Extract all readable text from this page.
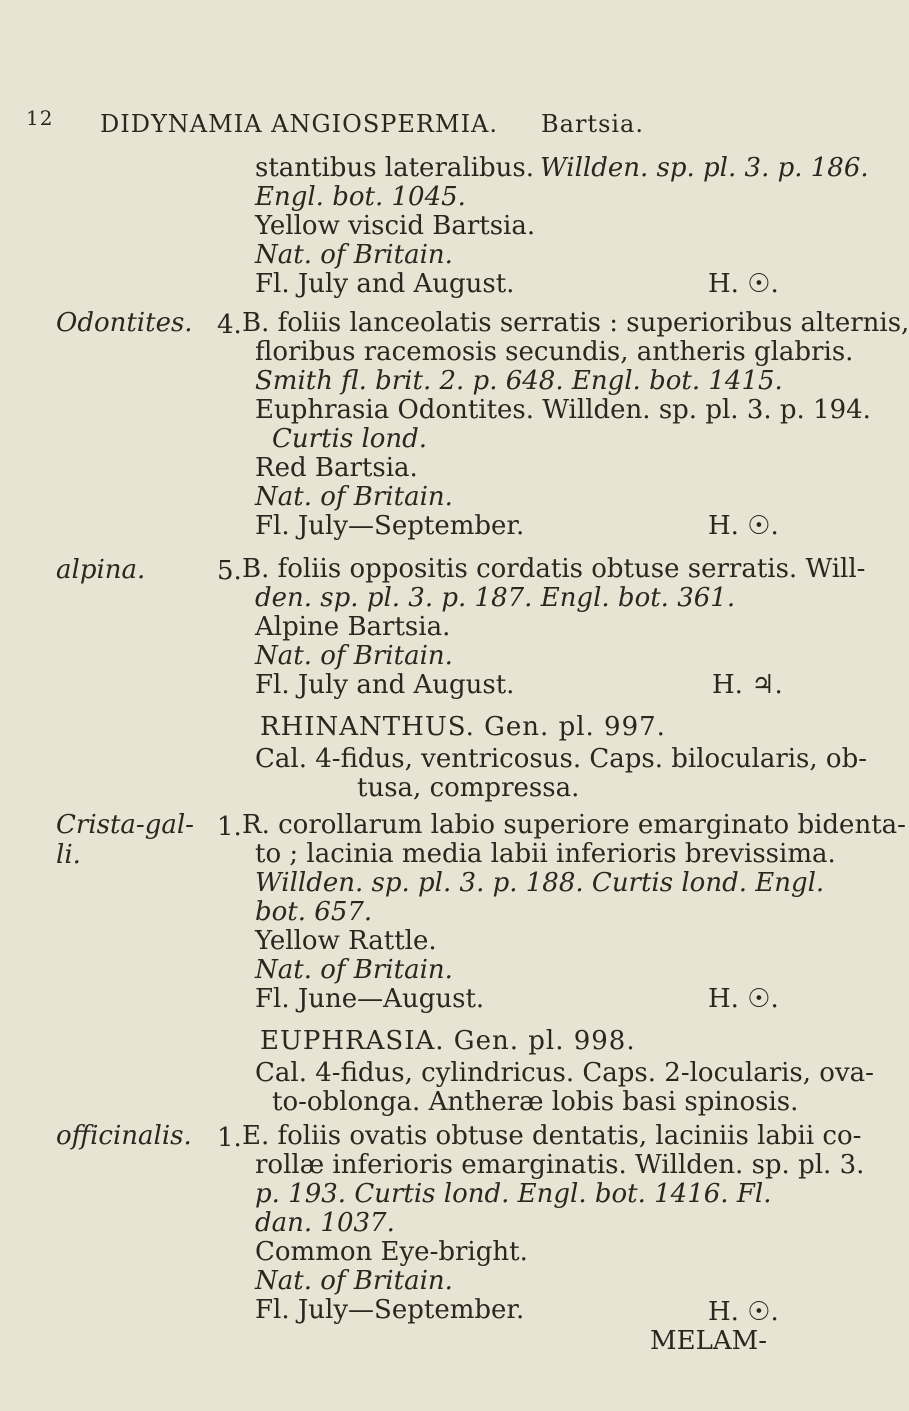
12 DIDYNAMIA ANGIOSPERMIA. Bartsia.
stantibus lateralibus. Willden. sp. pl. 3. p. 186.
Engl. bot. 1045.
Yellow viscid Bartsia.
Nat. of Britain.
Fl. July and August.	H. ☉.
Odontites. 4. B. foliis lanceolatis serratis : superioribus alternis,
floribus racemosis secundis, antheris glabris.
Smith fl. brit. 2. p. 648. Engl. bot. 1415.
Euphrasia Odontites. Willden. sp. pl. 3. p. 194.
Curtis lond.
Red Bartsia.
Nat. of Britain.
Fl. July—September.	H. ☉.
alpina.	5. B. foliis oppositis cordatis obtuse serratis. Will-
den. sp. pl. 3. p. 187. Engl. bot. 361.
Alpine Bartsia.
Nat. of Britain.
Fl. July and August.	H. ♃.
RHINANTHUS. Gen. pl. 997.
Cal. 4-fidus, ventricosus. Caps. bilocularis, ob-
tusa, compressa.
Crista-gal-
li.
1. R. corollarum labio superiore emarginato bidenta-
to ; lacinia media labii inferioris brevissima.
Willden. sp. pl. 3. p. 188. Curtis lond. Engl.
bot. 657.
Yellow Rattle.
Nat. of Britain.
Fl. June—August.	H. ☉.
EUPHRASIA. Gen. pl. 998.
Cal. 4-fidus, cylindricus. Caps. 2-locularis, ova-
to-oblonga. Antheræ lobis basi spinosis.
officinalis. 1. E. foliis ovatis obtuse dentatis, laciniis labii co-
rollæ inferioris emarginatis. Willden. sp. pl. 3.
p. 193. Curtis lond. Engl. bot. 1416. Fl.
dan. 1037.
Common Eye-bright.
Nat. of Britain.
Fl. July—September.	H. ☉.
MELAM-
